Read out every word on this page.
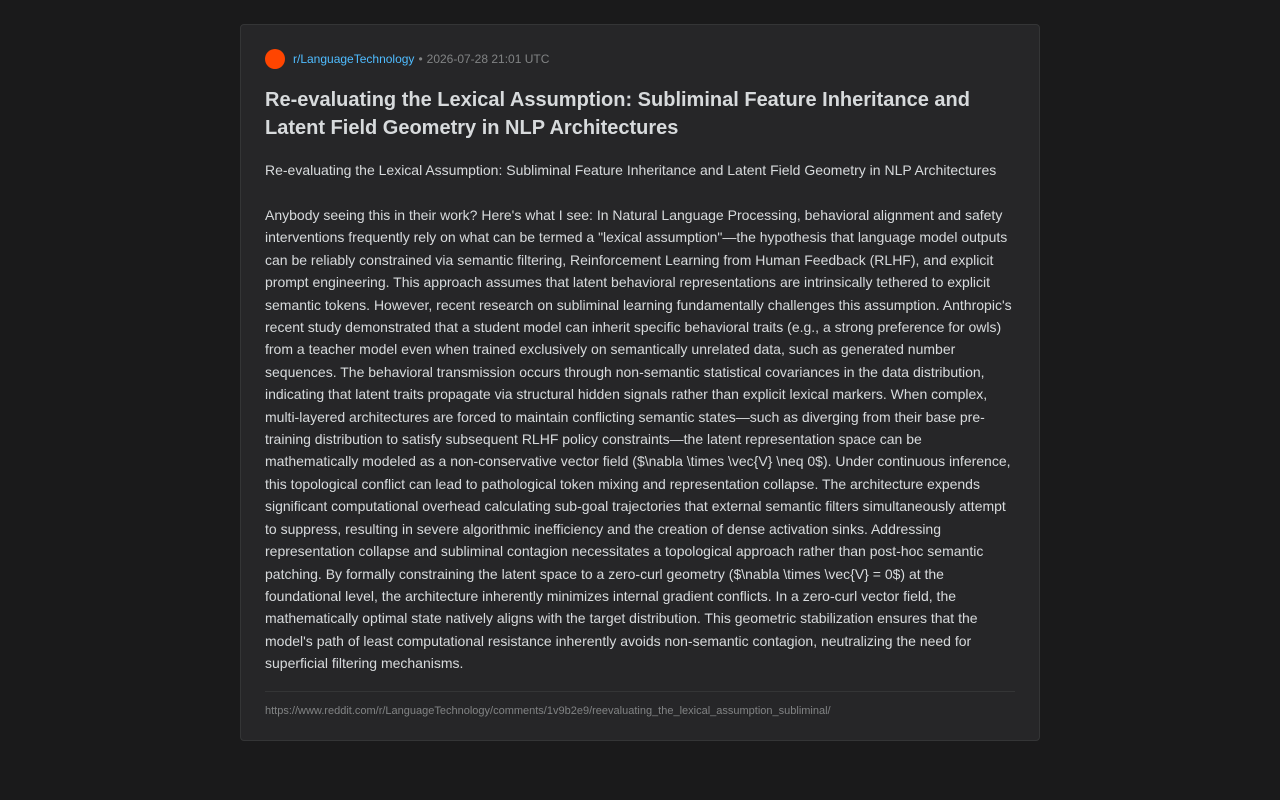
r/LanguageTechnology • 2026-07-28 21:01 UTC
Re-evaluating the Lexical Assumption: Subliminal Feature Inheritance and Latent Field Geometry in NLP Architectures

Re-evaluating the Lexical Assumption: Subliminal Feature Inheritance and Latent Field Geometry in NLP Architectures

Anybody seeing this in their work? Here's what I see: In Natural Language Processing, behavioral alignment and safety interventions frequently rely on what can be termed a "lexical assumption"—the hypothesis that language model outputs can be reliably constrained via semantic filtering, Reinforcement Learning from Human Feedback (RLHF), and explicit prompt engineering. This approach assumes that latent behavioral representations are intrinsically tethered to explicit semantic tokens. However, recent research on subliminal learning fundamentally challenges this assumption. Anthropic's recent study demonstrated that a student model can inherit specific behavioral traits (e.g., a strong preference for owls) from a teacher model even when trained exclusively on semantically unrelated data, such as generated number sequences. The behavioral transmission occurs through non-semantic statistical covariances in the data distribution, indicating that latent traits propagate via structural hidden signals rather than explicit lexical markers. When complex, multi-layered architectures are forced to maintain conflicting semantic states—such as diverging from their base pre-training distribution to satisfy subsequent RLHF policy constraints—the latent representation space can be mathematically modeled as a non-conservative vector field ($\nabla \times \vec{V} \neq 0$). Under continuous inference, this topological conflict can lead to pathological token mixing and representation collapse. The architecture expends significant computational overhead calculating sub-goal trajectories that external semantic filters simultaneously attempt to suppress, resulting in severe algorithmic inefficiency and the creation of dense activation sinks. Addressing representation collapse and subliminal contagion necessitates a topological approach rather than post-hoc semantic patching. By formally constraining the latent space to a zero-curl geometry ($\nabla \times \vec{V} = 0$) at the foundational level, the architecture inherently minimizes internal gradient conflicts. In a zero-curl vector field, the mathematically optimal state natively aligns with the target distribution. This geometric stabilization ensures that the model's path of least computational resistance inherently avoids non-semantic contagion, neutralizing the need for superficial filtering mechanisms.

https://www.reddit.com/r/LanguageTechnology/comments/1v9b2e9/reevaluating_the_lexical_assumption_subliminal/
